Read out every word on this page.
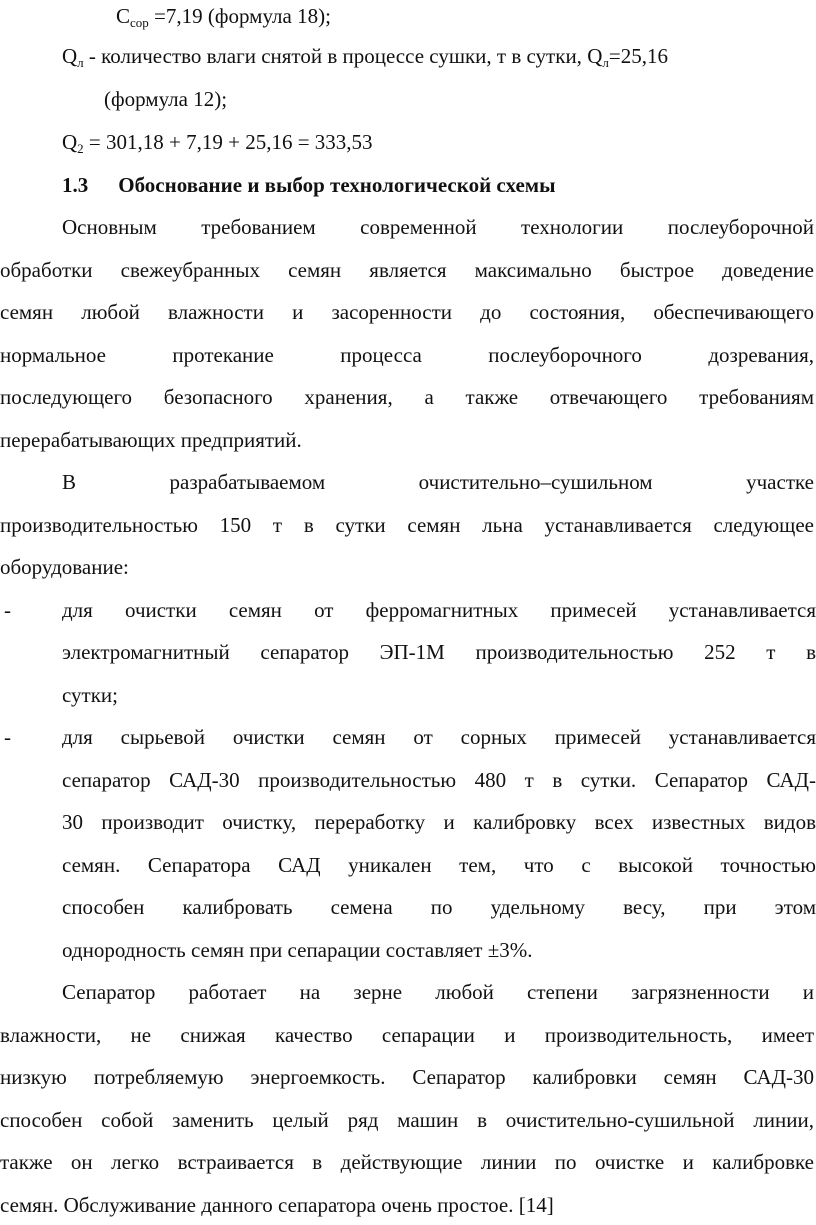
$С_{сор} =7,19$ (формула 18);
$Q_л$ - количество влаги снятой в процессе сушки, т в сутки, $Q_л=25,16$
(формула 12);
$Q_2 = 301,18 + 7,19 + 25,16 = 333,53$
1.3 Обоснование и выбор технологической схемы
Основным требованием современной технологии послеуборочной
обработки свежеубранных семян является максимально быстрое доведение
семян любой влажности и засоренности до состояния, обеспечивающего
нормальное протекание процесса послеуборочного дозревания,
последующего безопасного хранения, а также отвечающего требованиям
перерабатывающих предприятий.
В	разрабатываемом	очистительно–сушильном	участке
производительностью 150 т в сутки семян льна устанавливается следующее
оборудование:
- для очистки семян от ферромагнитных примесей устанавливается
электромагнитный сепаратор ЭП-1М производительностью 252 т в
сутки;
- для сырьевой очистки семян от сорных примесей устанавливается
сепаратор САД-30 производительностью 480 т в сутки. Сепаратор САД-
30 производит очистку, переработку и калибровку всех известных видов
семян. Сепаратора САД уникален тем, что с высокой точностью
способен калибровать семена по удельному весу, при этом
однородность семян при сепарации составляет ±3%.
Сепаратор работает на зерне любой степени загрязненности и
влажности, не снижая качество сепарации и производительность, имеет
низкую потребляемую энергоемкость. Сепаратор калибровки семян САД-30
способен собой заменить целый ряд машин в очистительно-сушильной линии,
также он легко встраивается в действующие линии по очистке и калибровке
семян. Обслуживание данного сепаратора очень простое. [14]
